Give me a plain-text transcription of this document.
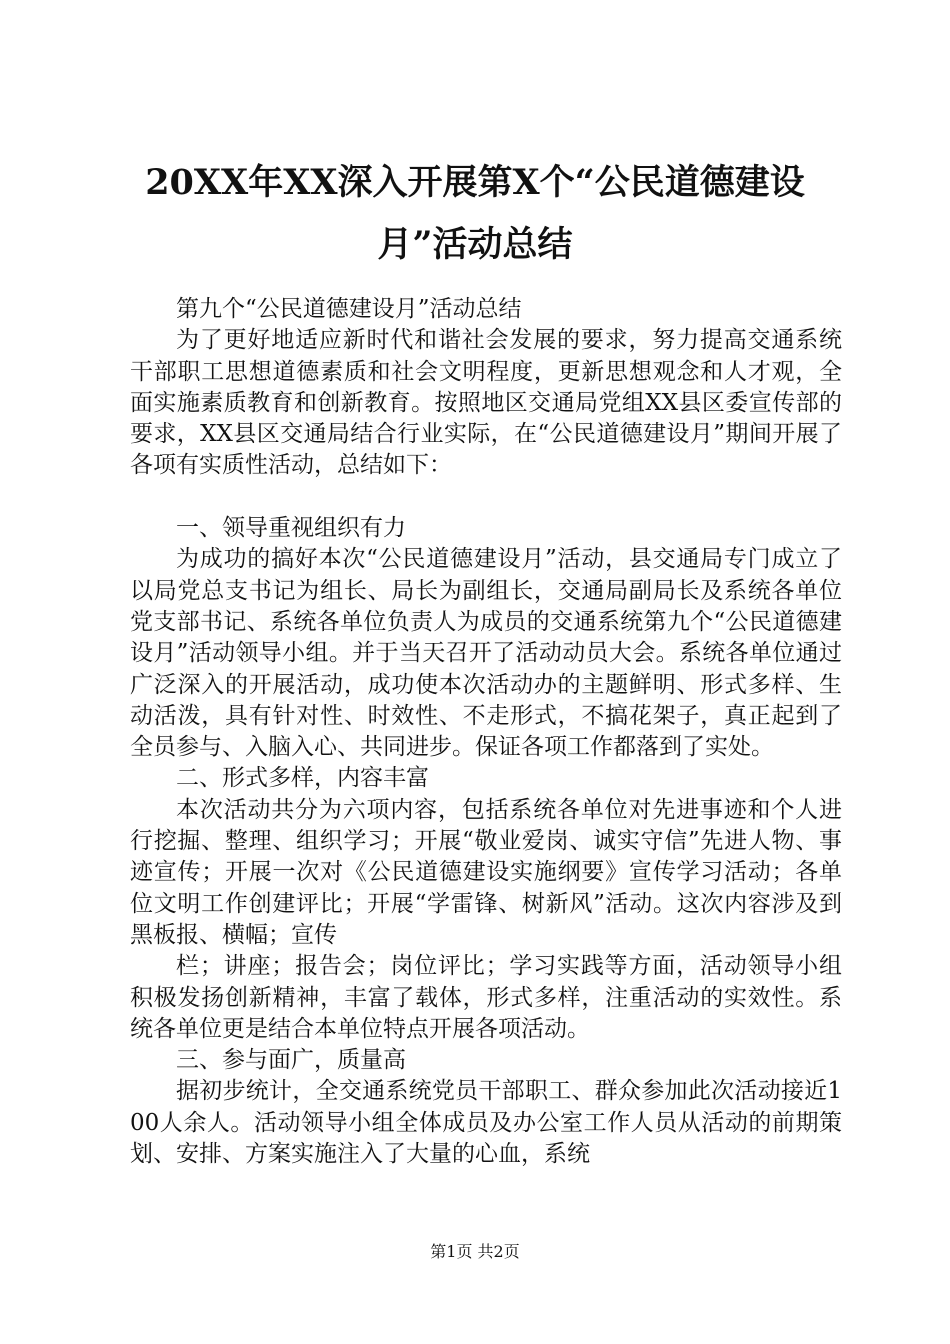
20XX年XX深入开展第X个“公民道德建设
月”活动总结

第九个“公民道德建设月”活动总结

为了更好地适应新时代和谐社会发展的要求，努力提高交通系统干部职工思想道德素质和社会文明程度，更新思想观念和人才观，全面实施素质教育和创新教育。按照地区交通局党组XX县区委宣传部的要求，XX县区交通局结合行业实际，在“公民道德建设月”期间开展了各项有实质性活动，总结如下：

一、领导重视组织有力

为成功的搞好本次“公民道德建设月”活动，县交通局专门成立了以局党总支书记为组长、局长为副组长，交通局副局长及系统各单位党支部书记、系统各单位负责人为成员的交通系统第九个“公民道德建设月”活动领导小组。并于当天召开了活动动员大会。系统各单位通过广泛深入的开展活动，成功使本次活动办的主题鲜明、形式多样、生动活泼，具有针对性、时效性、不走形式，不搞花架子，真正起到了全员参与、入脑入心、共同进步。保证各项工作都落到了实处。

二、形式多样，内容丰富

本次活动共分为六项内容，包括系统各单位对先进事迹和个人进行挖掘、整理、组织学习；开展“敬业爱岗、诚实守信”先进人物、事迹宣传；开展一次对《公民道德建设实施纲要》宣传学习活动；各单位文明工作创建评比；开展“学雷锋、树新风”活动。这次内容涉及到黑板报、横幅；宣传

栏；讲座；报告会；岗位评比；学习实践等方面，活动领导小组积极发扬创新精神，丰富了载体，形式多样，注重活动的实效性。系统各单位更是结合本单位特点开展各项活动。

三、参与面广，质量高

据初步统计，全交通系统党员干部职工、群众参加此次活动接近100人余人。活动领导小组全体成员及办公室工作人员从活动的前期策划、安排、方案实施注入了大量的心血，系统

第1页 共2页
